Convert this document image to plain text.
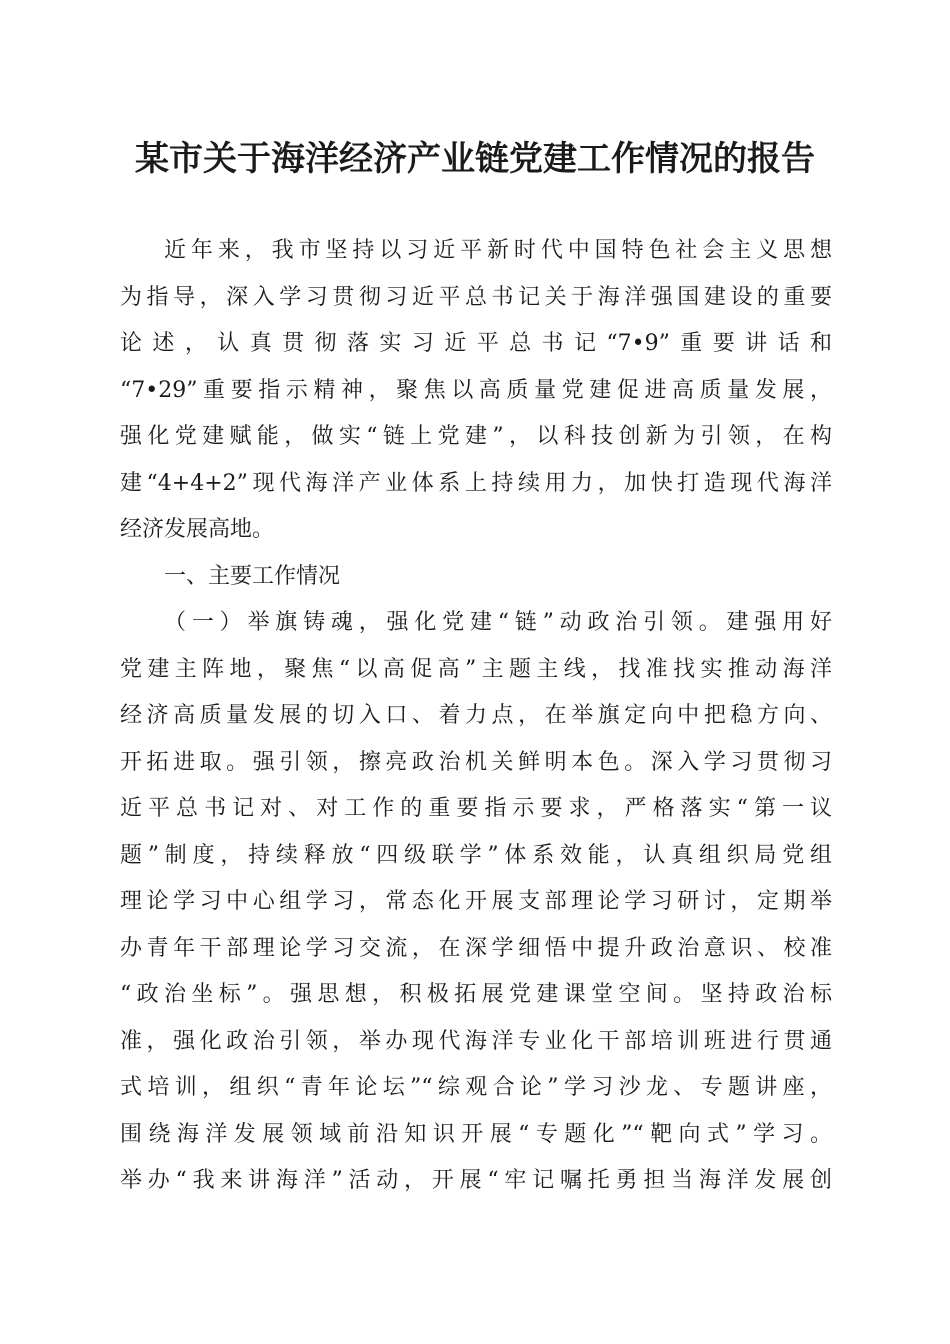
某市关于海洋经济产业链党建工作情况的报告
近年来，我市坚持以习近平新时代中国特色社会主义思想
为指导，深入学习贯彻习近平总书记关于海洋强国建设的重要
论述，认真贯彻落实习近平总书记“7•9”重要讲话和
“7•29”重要指示精神，聚焦以高质量党建促进高质量发展，
强化党建赋能，做实“链上党建”，以科技创新为引领，在构
建“4+4+2”现代海洋产业体系上持续用力，加快打造现代海洋
经济发展高地。
一、主要工作情况
（一）举旗铸魂，强化党建“链”动政治引领。建强用好
党建主阵地，聚焦“以高促高”主题主线，找准找实推动海洋
经济高质量发展的切入口、着力点，在举旗定向中把稳方向、
开拓进取。强引领，擦亮政治机关鲜明本色。深入学习贯彻习
近平总书记对、对工作的重要指示要求，严格落实“第一议
题”制度，持续释放“四级联学”体系效能，认真组织局党组
理论学习中心组学习，常态化开展支部理论学习研讨，定期举
办青年干部理论学习交流，在深学细悟中提升政治意识、校准
“政治坐标”。强思想，积极拓展党建课堂空间。坚持政治标
准，强化政治引领，举办现代海洋专业化干部培训班进行贯通
式培训，组织“青年论坛”“综观合论”学习沙龙、专题讲座，
围绕海洋发展领域前沿知识开展“专题化”“靶向式”学习。
举办“我来讲海洋”活动，开展“牢记嘱托勇担当海洋发展创
